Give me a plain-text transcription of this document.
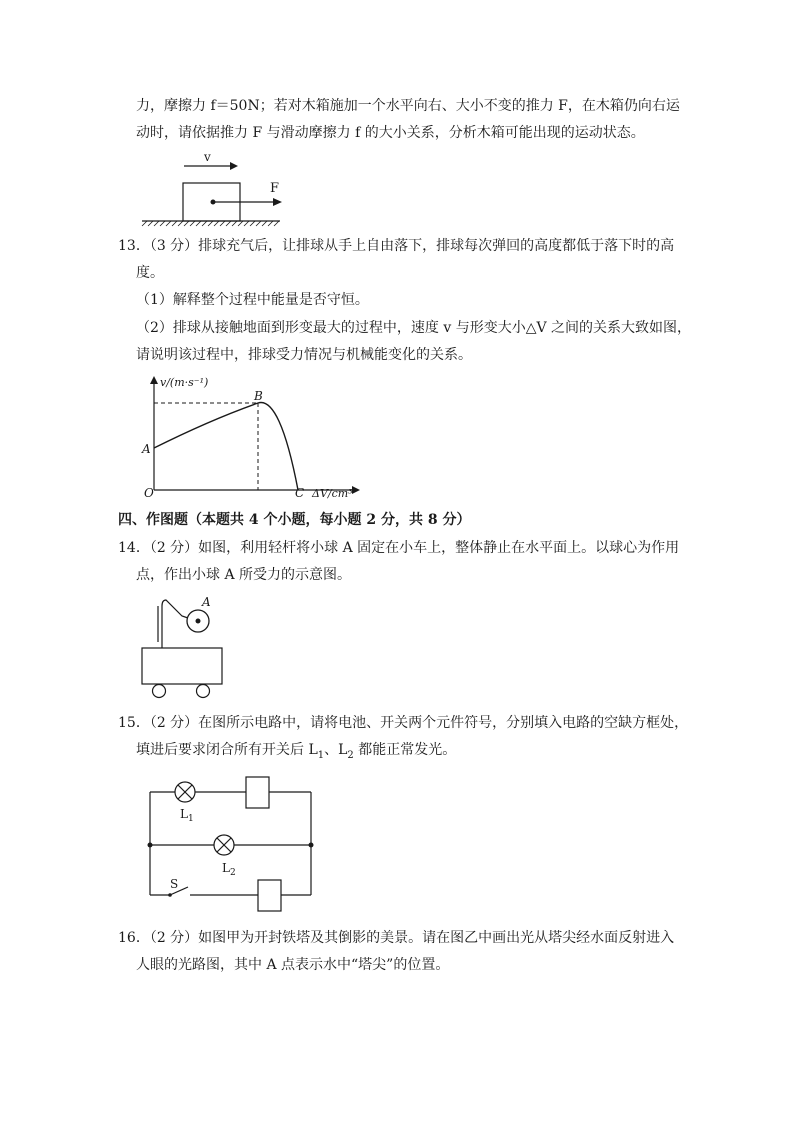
力，摩擦力 f＝50N；若对木箱施加一个水平向右、大小不变的推力 F，在木箱仍向右运
动时，请依据推力 F 与滑动摩擦力 f 的大小关系，分析木箱可能出现的运动状态。
v
F
13．（3 分）排球充气后，让排球从手上自由落下，排球每次弹回的高度都低于落下时的高
度。
（1）解释整个过程中能量是否守恒。
（2）排球从接触地面到形变最大的过程中，速度 v 与形变大小△V 之间的关系大致如图，
请说明该过程中，排球受力情况与机械能变化的关系。
v/(m·s⁻¹)
A
B
O	C ΔV/cm³
四、作图题（本题共 4 个小题，每小题 2 分，共 8 分）
14．（2 分）如图，利用轻杆将小球 A 固定在小车上，整体静止在水平面上。以球心为作用
点，作出小球 A 所受力的示意图。
A
15．（2 分）在图所示电路中，请将电池、开关两个元件符号，分别填入电路的空缺方框处，
填进后要求闭合所有开关后 $L_1$、$L_2$ 都能正常发光。
$L_1$
$L_2$
S
16．（2 分）如图甲为开封铁塔及其倒影的美景。请在图乙中画出光从塔尖经水面反射进入
人眼的光路图，其中 A 点表示水中“塔尖”的位置。
